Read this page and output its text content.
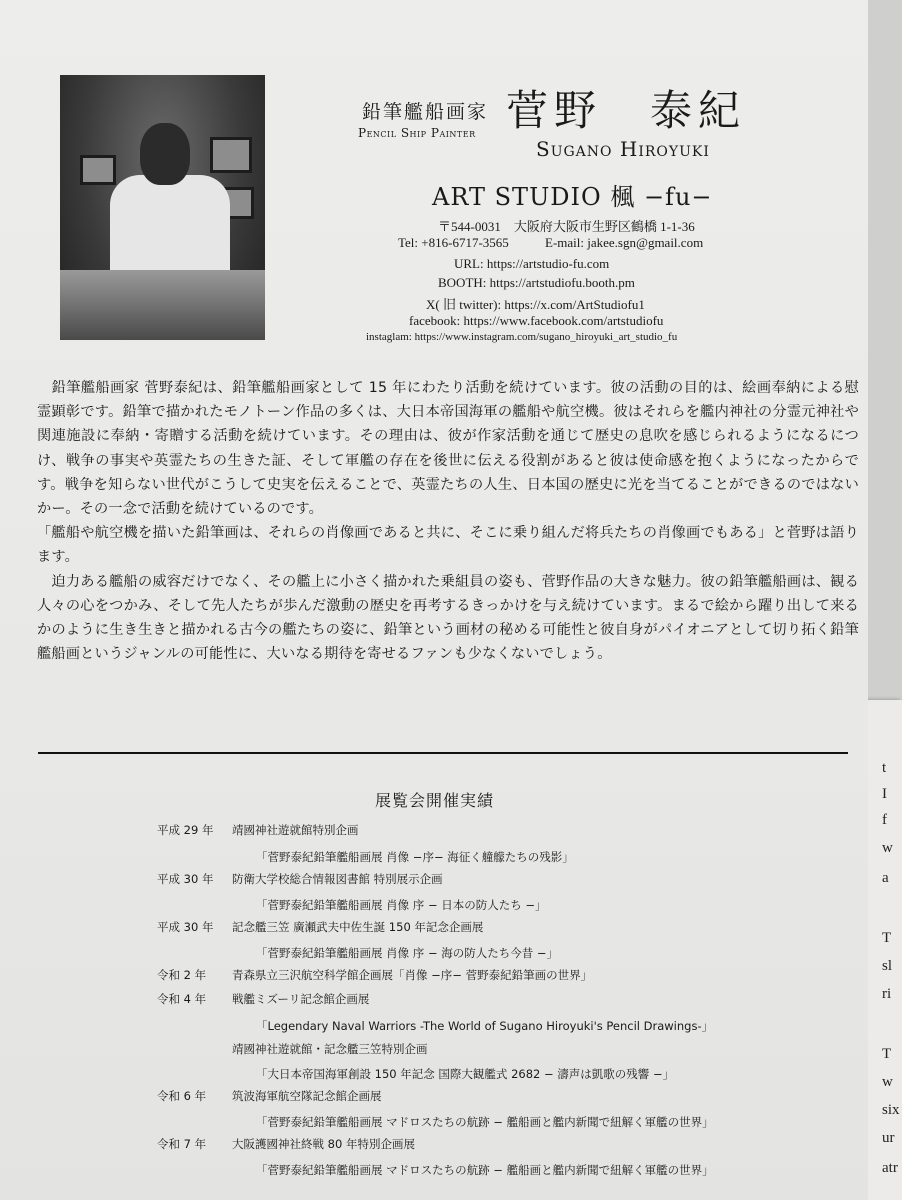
t
I
f
w
a
T
sl
ri
T
w
six
ur
atr
鉛筆艦船画家
Pencil Ship Painter 菅野　泰紀
Sugano Hiroyuki
ART STUDIO 楓 −fu−
〒544-0031　大阪府大阪市生野区鶴橋 1-1-36
Tel: +816-6717-3565	E-mail: jakee.sgn@gmail.com
URL: https://artstudio-fu.com
BOOTH: https://artstudiofu.booth.pm
X( 旧 twitter): https://x.com/ArtStudiofu1
facebook: https://www.facebook.com/artstudiofu
instaglam: https://www.instagram.com/sugano_hiroyuki_art_studio_fu

　鉛筆艦船画家 菅野泰紀は、鉛筆艦船画家として 15 年にわたり活動を続けています。彼の活動の目的は、絵画奉納による慰霊顕彰です。鉛筆で描かれたモノトーン作品の多くは、大日本帝国海軍の艦船や航空機。彼はそれらを艦内神社の分霊元神社や関連施設に奉納・寄贈する活動を続けています。その理由は、彼が作家活動を通じて歴史の息吹を感じられるようになるにつけ、戦争の事実や英霊たちの生きた証、そして軍艦の存在を後世に伝える役割があると彼は使命感を抱くようになったからです。戦争を知らない世代がこうして史実を伝えることで、英霊たちの人生、日本国の歴史に光を当てることができるのではないかー。その一念で活動を続けているのです。

「艦船や航空機を描いた鉛筆画は、それらの肖像画であると共に、そこに乗り組んだ将兵たちの肖像画でもある」と菅野は語ります。

　迫力ある艦船の威容だけでなく、その艦上に小さく描かれた乗組員の姿も、菅野作品の大きな魅力。彼の鉛筆艦船画は、観る人々の心をつかみ、そして先人たちが歩んだ激動の歴史を再考するきっかけを与え続けています。まるで絵から躍り出して来るかのように生き生きと描かれる古今の艦たちの姿に、鉛筆という画材の秘める可能性と彼自身がパイオニアとして切り拓く鉛筆艦船画というジャンルの可能性に、大いなる期待を寄せるファンも少なくないでしょう。

展覧会開催実績
平成 29 年 靖國神社遊就館特別企画
「菅野泰紀鉛筆艦船画展 肖像 −序− 海征く艟艨たちの残影」
平成 30 年 防衛大学校総合情報図書館 特別展示企画
「菅野泰紀鉛筆艦船画展 肖像 序 − 日本の防人たち −」
平成 30 年 記念艦三笠 廣瀬武夫中佐生誕 150 年記念企画展
「菅野泰紀鉛筆艦船画展 肖像 序 − 海の防人たち今昔 −」
令和 2 年 青森県立三沢航空科学館企画展「肖像 −序− 菅野泰紀鉛筆画の世界」
令和 4 年 戦艦ミズーリ記念館企画展
「Legendary Naval Warriors -The World of Sugano Hiroyuki's Pencil Drawings-」
靖國神社遊就館・記念艦三笠特別企画
「大日本帝国海軍創設 150 年記念 国際大観艦式 2682 − 濤声は凱歌の残響 −」
令和 6 年 筑波海軍航空隊記念館企画展
「菅野泰紀鉛筆艦船画展 マドロスたちの航跡 − 艦船画と艦内新聞で紐解く軍艦の世界」
令和 7 年 大阪護國神社終戦 80 年特別企画展
「菅野泰紀鉛筆艦船画展 マドロスたちの航跡 − 艦船画と艦内新聞で紐解く軍艦の世界」
